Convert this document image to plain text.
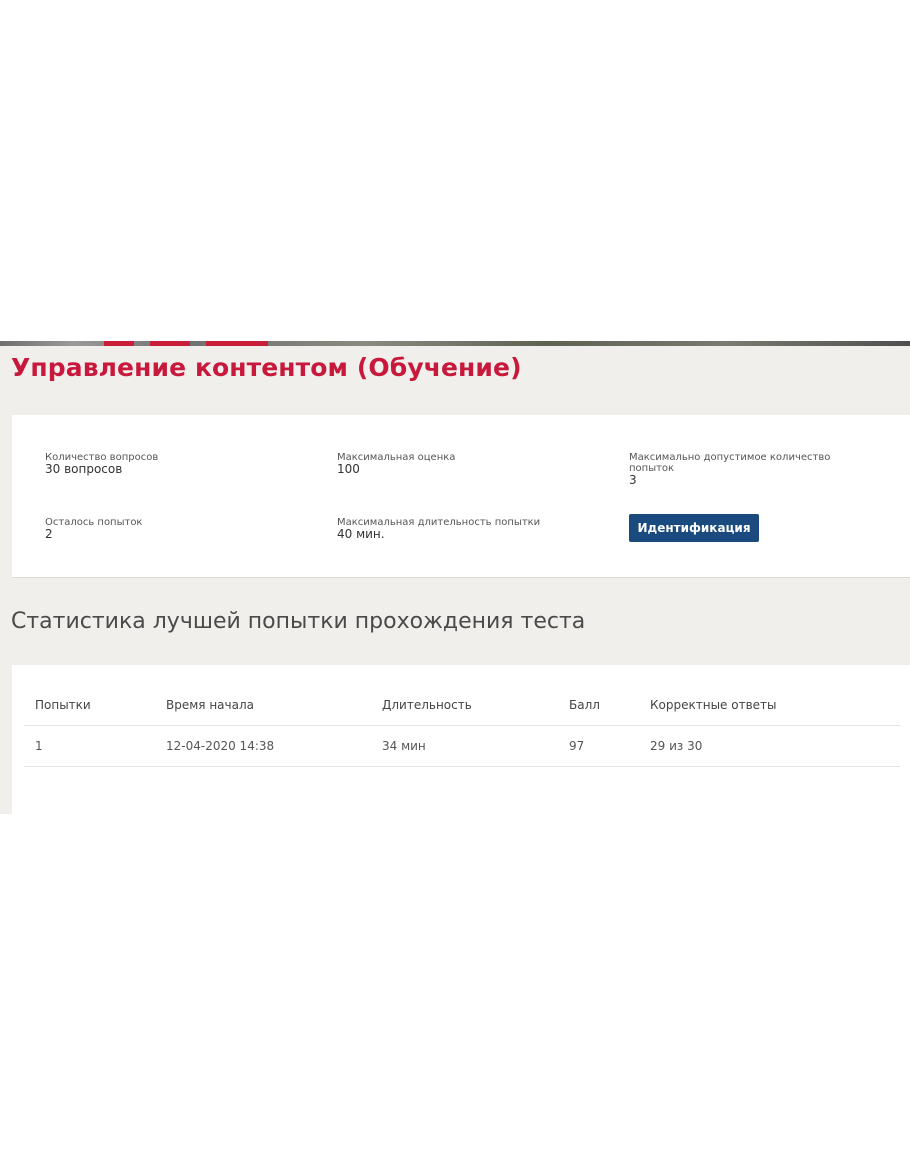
Управление контентом (Обучение)
Количество вопросов
30 вопросов
Максимальная оценка
100
Максимально допустимое количество попыток
3
Осталось попыток
2
Максимальная длительность попытки
40 мин.	Идентификация
Статистика лучшей попытки прохождения теста
Попытки	Время начала	Длительность	Балл	Корректные ответы
1	12-04-2020 14:38	34 мин	97	29 из 30
